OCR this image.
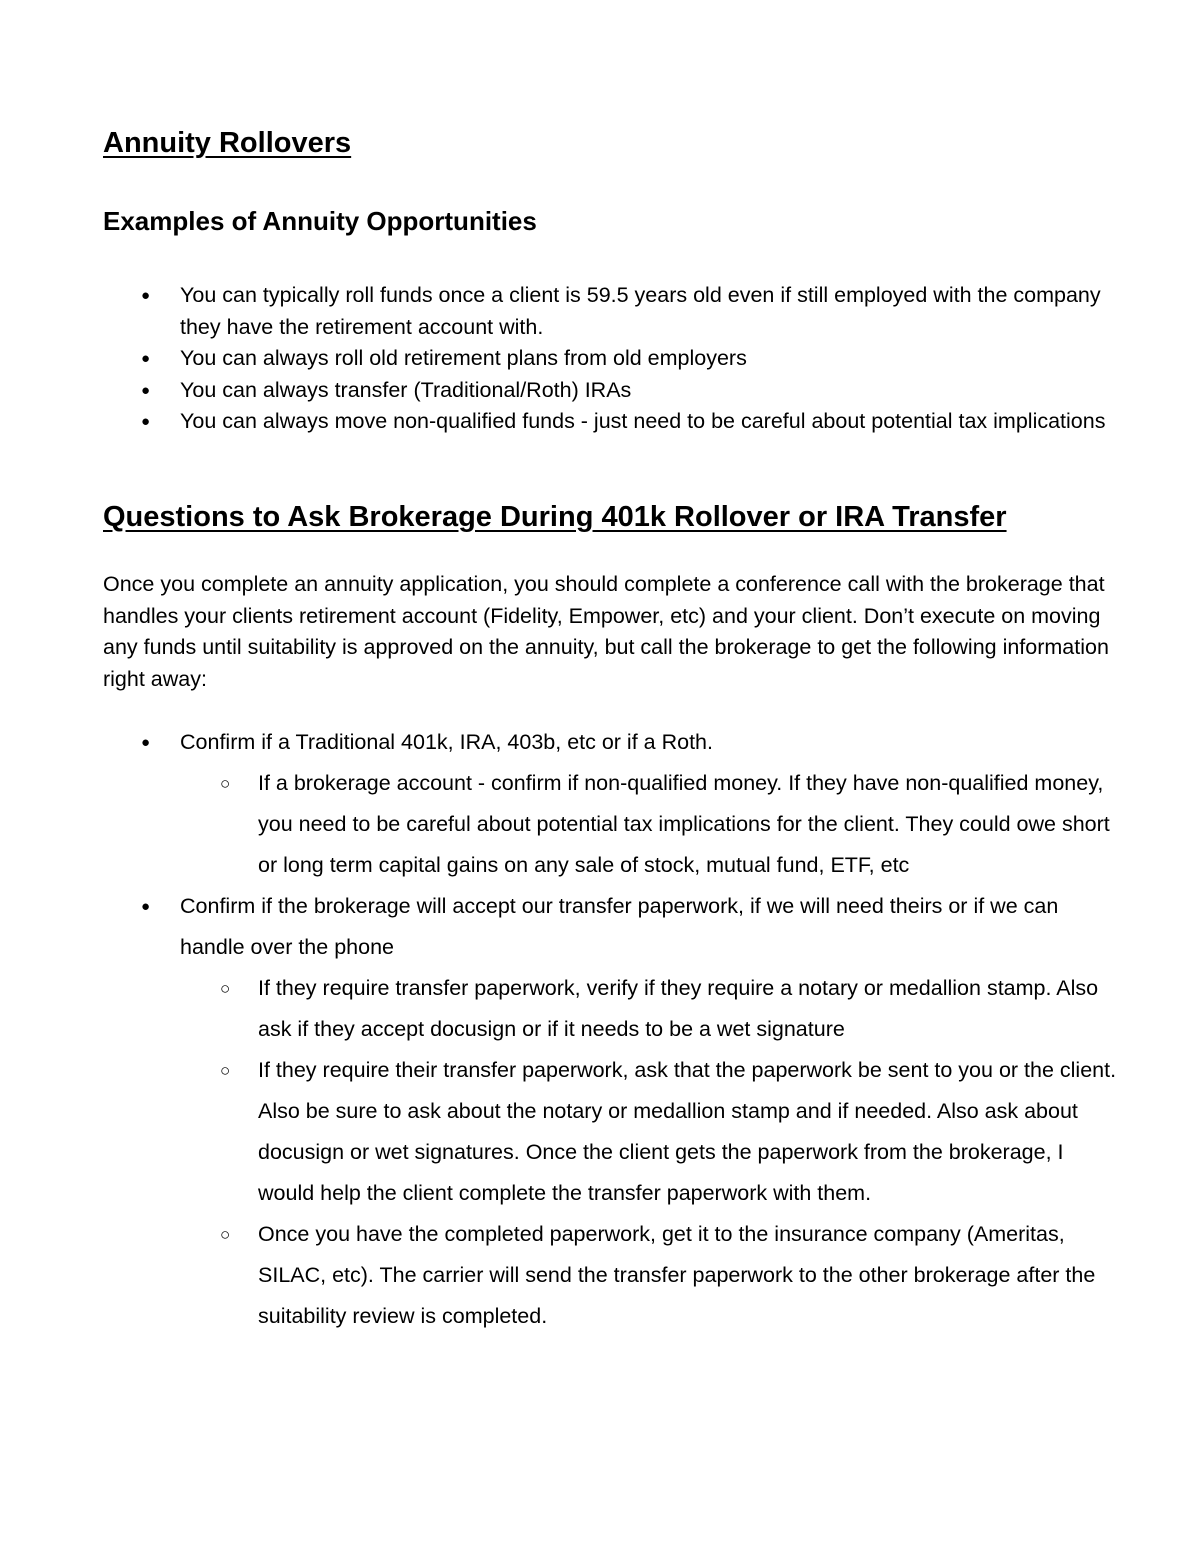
Annuity Rollovers
Examples of Annuity Opportunities
● You can typically roll funds once a client is 59.5 years old even if still employed with the company they have the retirement account with.
● You can always roll old retirement plans from old employers
● You can always transfer (Traditional/Roth) IRAs
● You can always move non-qualified funds - just need to be careful about potential tax implications
Questions to Ask Brokerage During 401k Rollover or IRA Transfer

Once you complete an annuity application, you should complete a conference call with the brokerage that handles your clients retirement account (Fidelity, Empower, etc) and your client. Don’t execute on moving any funds until suitability is approved on the annuity, but call the brokerage to get the following information right away:

● Confirm if a Traditional 401k, IRA, 403b, etc or if a Roth.
○ If a brokerage account - confirm if non-qualified money. If they have non-qualified money, you need to be careful about potential tax implications for the client. They could owe short or long term capital gains on any sale of stock, mutual fund, ETF, etc
● Confirm if the brokerage will accept our transfer paperwork, if we will need theirs or if we can handle over the phone
○ If they require transfer paperwork, verify if they require a notary or medallion stamp. Also ask if they accept docusign or if it needs to be a wet signature
○ If they require their transfer paperwork, ask that the paperwork be sent to you or the client. Also be sure to ask about the notary or medallion stamp and if needed. Also ask about docusign or wet signatures. Once the client gets the paperwork from the brokerage, I would help the client complete the transfer paperwork with them.
○ Once you have the completed paperwork, get it to the insurance company (Ameritas, SILAC, etc). The carrier will send the transfer paperwork to the other brokerage after the suitability review is completed.
